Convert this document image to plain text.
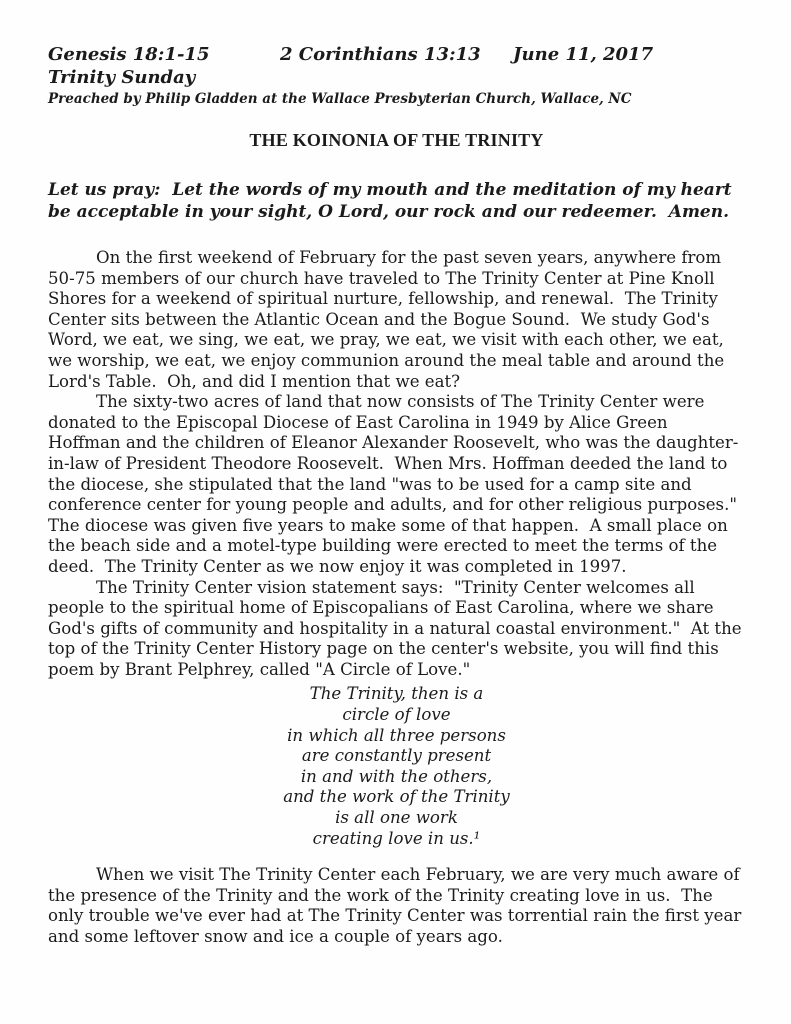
Genesis 18:1-15	2 Corinthians 13:13 June 11, 2017
Trinity Sunday
Preached by Philip Gladden at the Wallace Presbyterian Church, Wallace, NC
THE KOINONIA OF THE TRINITY
Let us pray:  Let the words of my mouth and the meditation of my heart be acceptable in your sight, O Lord, our rock and our redeemer.  Amen.

On the first weekend of February for the past seven years, anywhere from 50-75 members of our church have traveled to The Trinity Center at Pine Knoll Shores for a weekend of spiritual nurture, fellowship, and renewal.  The Trinity Center sits between the Atlantic Ocean and the Bogue Sound.  We study God's Word, we eat, we sing, we eat, we pray, we eat, we visit with each other, we eat, we worship, we eat, we enjoy communion around the meal table and around the Lord's Table.  Oh, and did I mention that we eat?

The sixty-two acres of land that now consists of The Trinity Center were donated to the Episcopal Diocese of East Carolina in 1949 by Alice Green Hoffman and the children of Eleanor Alexander Roosevelt, who was the daughter-in-law of President Theodore Roosevelt.  When Mrs. Hoffman deeded the land to the diocese, she stipulated that the land "was to be used for a camp site and conference center for young people and adults, and for other religious purposes."  The diocese was given five years to make some of that happen.  A small place on the beach side and a motel-type building were erected to meet the terms of the deed.  The Trinity Center as we now enjoy it was completed in 1997.

The Trinity Center vision statement says:  "Trinity Center welcomes all people to the spiritual home of Episcopalians of East Carolina, where we share God's gifts of community and hospitality in a natural coastal environment."  At the top of the Trinity Center History page on the center's website, you will find this poem by Brant Pelphrey, called "A Circle of Love."

The Trinity, then is a
circle of love
in which all three persons
are constantly present
in and with the others,
and the work of the Trinity
is all one work
creating love in us.¹

When we visit The Trinity Center each February, we are very much aware of the presence of the Trinity and the work of the Trinity creating love in us.  The only trouble we've ever had at The Trinity Center was torrential rain the first year and some leftover snow and ice a couple of years ago.
